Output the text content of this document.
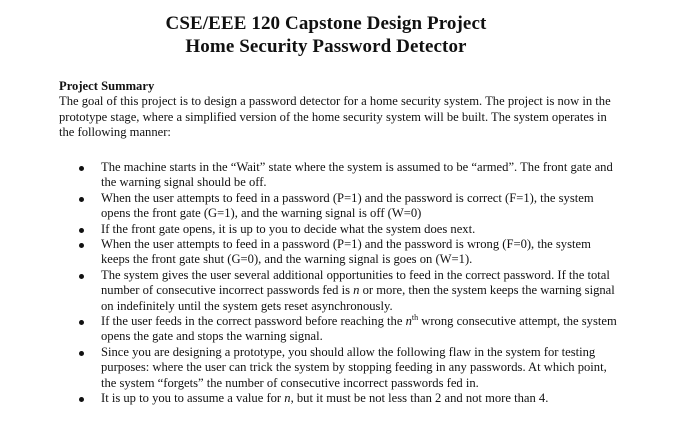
CSE/EEE 120 Capstone Design Project
Home Security Password Detector
Project Summary
The goal of this project is to design a password detector for a home security system. The project is now in the prototype stage, where a simplified version of the home security system will be built. The system operates in the following manner:
The machine starts in the “Wait” state where the system is assumed to be “armed”. The front gate and the warning signal should be off.
When the user attempts to feed in a password (P=1) and the password is correct (F=1), the system opens the front gate (G=1), and the warning signal is off (W=0)
If the front gate opens, it is up to you to decide what the system does next.
When the user attempts to feed in a password (P=1) and the password is wrong (F=0), the system keeps the front gate shut (G=0), and the warning signal is goes on (W=1).
The system gives the user several additional opportunities to feed in the correct password. If the total number of consecutive incorrect passwords fed is n or more, then the system keeps the warning signal on indefinitely until the system gets reset asynchronously.
If the user feeds in the correct password before reaching the $n^{th}$ wrong consecutive attempt, the system opens the gate and stops the warning signal.
Since you are designing a prototype, you should allow the following flaw in the system for testing purposes: where the user can trick the system by stopping feeding in any passwords. At which point, the system “forgets” the number of consecutive incorrect passwords fed in.
It is up to you to assume a value for n, but it must be not less than 2 and not more than 4.
